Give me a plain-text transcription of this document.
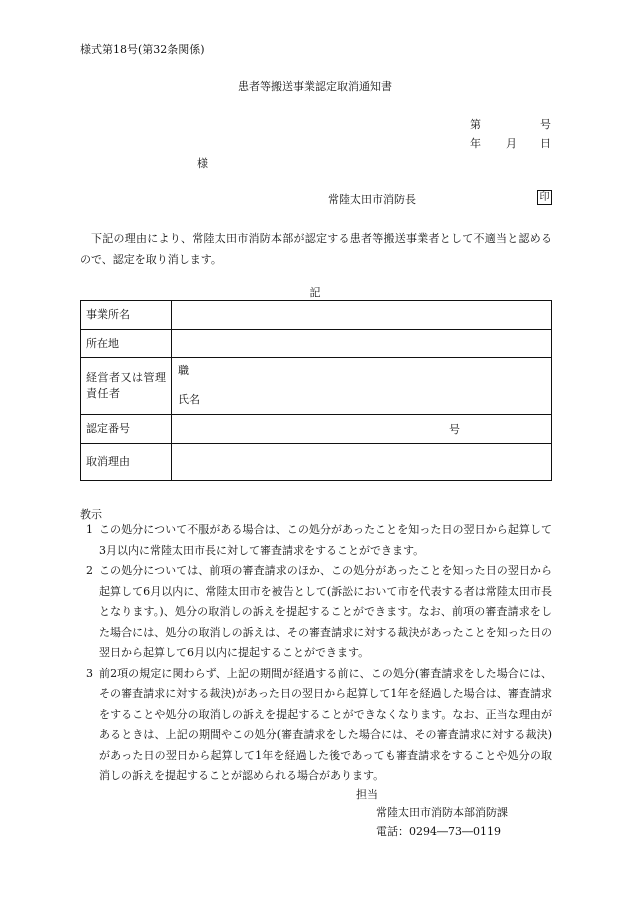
様式第18号(第32条関係)
患者等搬送事業認定取消通知書
第	号
年 月 日
様
常陸太田市消防長	印
下記の理由により、常陸太田市消防本部が認定する患者等搬送事業者として不適当と認めるので、認定を取り消します。
記
事業所名	
所在地	
経営者又は管理責任者	職
氏名

認定番号	号

取消理由	
教示
1 この処分について不服がある場合は、この処分があったことを知った日の翌日から起算して3月以内に常陸太田市長に対して審査請求をすることができます。
2 この処分については、前項の審査請求のほか、この処分があったことを知った日の翌日から起算して6月以内に、常陸太田市を被告として(訴訟において市を代表する者は常陸太田市長となります。)、処分の取消しの訴えを提起することができます。なお、前項の審査請求をした場合には、処分の取消しの訴えは、その審査請求に対する裁決があったことを知った日の翌日から起算して6月以内に提起することができます。
3 前2項の規定に関わらず、上記の期間が経過する前に、この処分(審査請求をした場合には、その審査請求に対する裁決)があった日の翌日から起算して1年を経過した場合は、審査請求をすることや処分の取消しの訴えを提起することができなくなります。なお、正当な理由があるときは、上記の期間やこの処分(審査請求をした場合には、その審査請求に対する裁決)があった日の翌日から起算して1年を経過した後であっても審査請求をすることや処分の取消しの訴えを提起することが認められる場合があります。
担当
常陸太田市消防本部消防課
電話：0294―73―0119
